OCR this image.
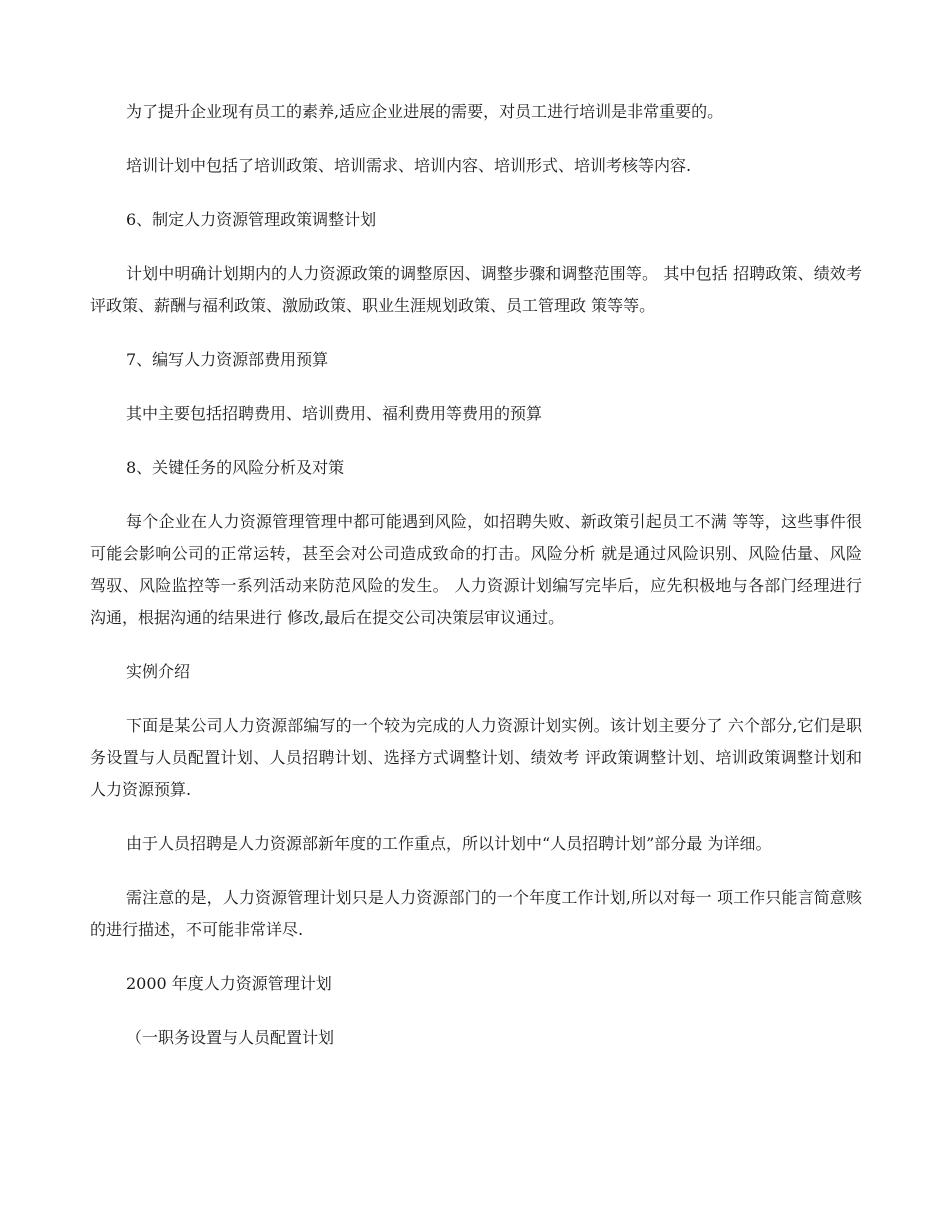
为了提升企业现有员工的素养,适应企业进展的需要，对员工进行培训是非常重要的。

培训计划中包括了培训政策、培训需求、培训内容、培训形式、培训考核等内容.

6、制定人力资源管理政策调整计划

计划中明确计划期内的人力资源政策的调整原因、调整步骤和调整范围等。 其中包括 招聘政策、绩效考评政策、薪酬与福利政策、激励政策、职业生涯规划政策、员工管理政 策等等。

7、编写人力资源部费用预算

其中主要包括招聘费用、培训费用、福利费用等费用的预算

8、关键任务的风险分析及对策

每个企业在人力资源管理管理中都可能遇到风险，如招聘失败、新政策引起员工不满 等等，这些事件很可能会影响公司的正常运转，甚至会对公司造成致命的打击。风险分析 就是通过风险识别、风险估量、风险驾驭、风险监控等一系列活动来防范风险的发生。 人力资源计划编写完毕后，应先积极地与各部门经理进行沟通，根据沟通的结果进行 修改,最后在提交公司决策层审议通过。

实例介绍

下面是某公司人力资源部编写的一个较为完成的人力资源计划实例。该计划主要分了 六个部分,它们是职务设置与人员配置计划、人员招聘计划、选择方式调整计划、绩效考 评政策调整计划、培训政策调整计划和人力资源预算.

由于人员招聘是人力资源部新年度的工作重点，所以计划中“人员招聘计划”部分最 为详细。

需注意的是，人力资源管理计划只是人力资源部门的一个年度工作计划,所以对每一 项工作只能言简意赅的进行描述，不可能非常详尽.

2000 年度人力资源管理计划

（一职务设置与人员配置计划
